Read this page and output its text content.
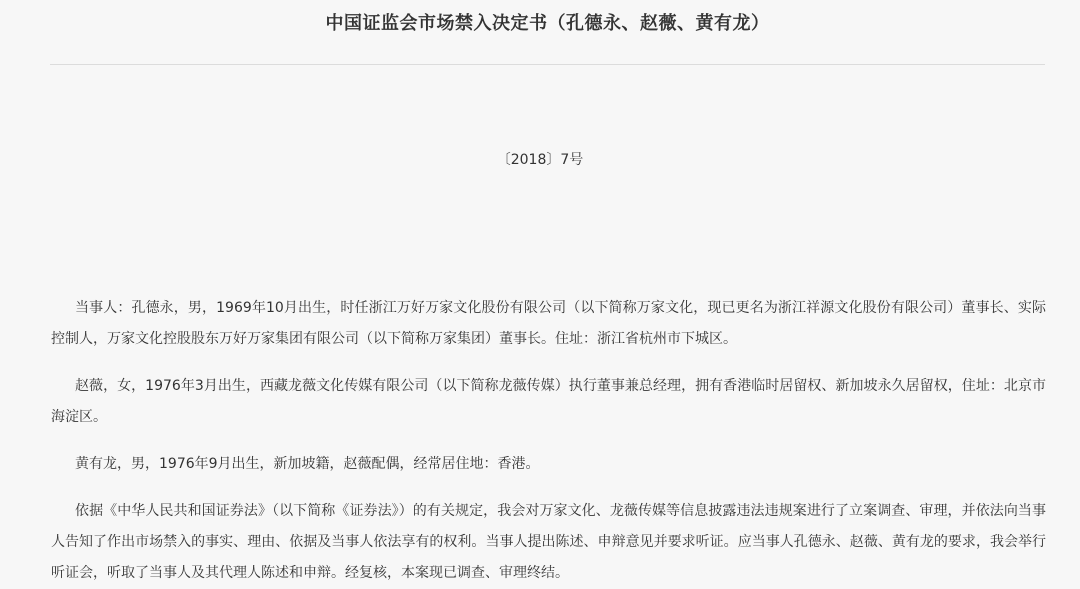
中国证监会市场禁入决定书（孔德永、赵薇、黄有龙）
〔2018〕7号

当事人：孔德永，男，1969年10月出生，时任浙江万好万家文化股份有限公司（以下简称万家文化，现已更名为浙江祥源文化股份有限公司）董事长、实际控制人，万家文化控股股东万好万家集团有限公司（以下简称万家集团）董事长。住址：浙江省杭州市下城区。

赵薇，女，1976年3月出生，西藏龙薇文化传媒有限公司（以下简称龙薇传媒）执行董事兼总经理，拥有香港临时居留权、新加坡永久居留权，住址：北京市海淀区。

黄有龙，男，1976年9月出生，新加坡籍，赵薇配偶，经常居住地：香港。

依据《中华人民共和国证券法》（以下简称《证券法》）的有关规定，我会对万家文化、龙薇传媒等信息披露违法违规案进行了立案调查、审理，并依法向当事人告知了作出市场禁入的事实、理由、依据及当事人依法享有的权利。当事人提出陈述、申辩意见并要求听证。应当事人孔德永、赵薇、黄有龙的要求，我会举行听证会，听取了当事人及其代理人陈述和申辩。经复核，本案现已调查、审理终结。
